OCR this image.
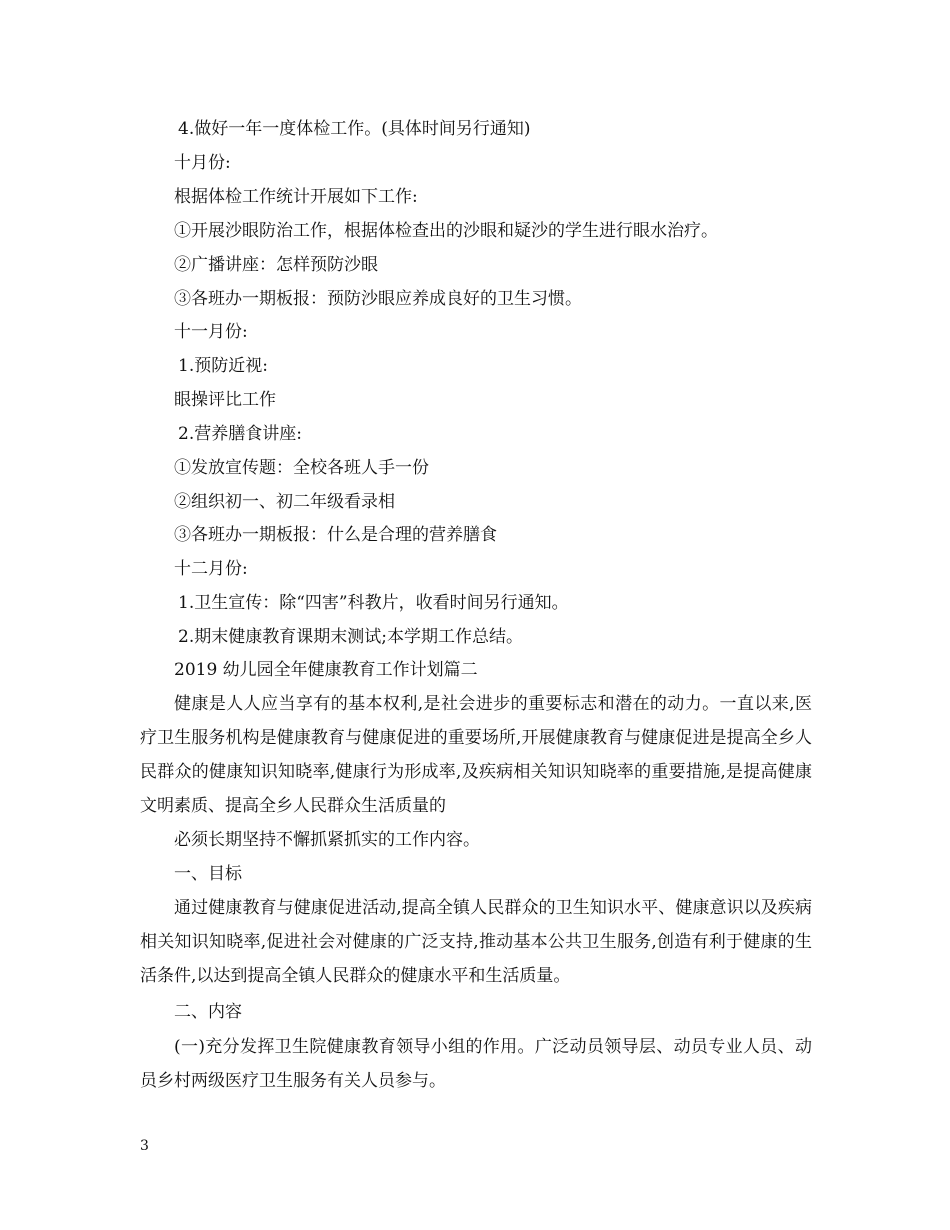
4.做好一年一度体检工作。(具体时间另行通知)
十月份:
根据体检工作统计开展如下工作:
①开展沙眼防治工作，根据体检查出的沙眼和疑沙的学生进行眼水治疗。
②广播讲座：怎样预防沙眼
③各班办一期板报：预防沙眼应养成良好的卫生习惯。
十一月份:
1.预防近视:
眼操评比工作
2.营养膳食讲座:
①发放宣传题：全校各班人手一份
②组织初一、初二年级看录相
③各班办一期板报：什么是合理的营养膳食
十二月份:
1.卫生宣传：除“四害”科教片，收看时间另行通知。
2.期末健康教育课期末测试;本学期工作总结。
2019 幼儿园全年健康教育工作计划篇二
健康是人人应当享有的基本权利,是社会进步的重要标志和潜在的动力。一直以来,医疗卫生服务机构是健康教育与健康促进的重要场所,开展健康教育与健康促进是提高全乡人民群众的健康知识知晓率,健康行为形成率,及疾病相关知识知晓率的重要措施,是提高健康文明素质、提高全乡人民群众生活质量的
必须长期坚持不懈抓紧抓实的工作内容。
一、目标
通过健康教育与健康促进活动,提高全镇人民群众的卫生知识水平、健康意识以及疾病相关知识知晓率,促进社会对健康的广泛支持,推动基本公共卫生服务,创造有利于健康的生活条件,以达到提高全镇人民群众的健康水平和生活质量。
二、内容
(一)充分发挥卫生院健康教育领导小组的作用。广泛动员领导层、动员专业人员、动员乡村两级医疗卫生服务有关人员参与。
3
